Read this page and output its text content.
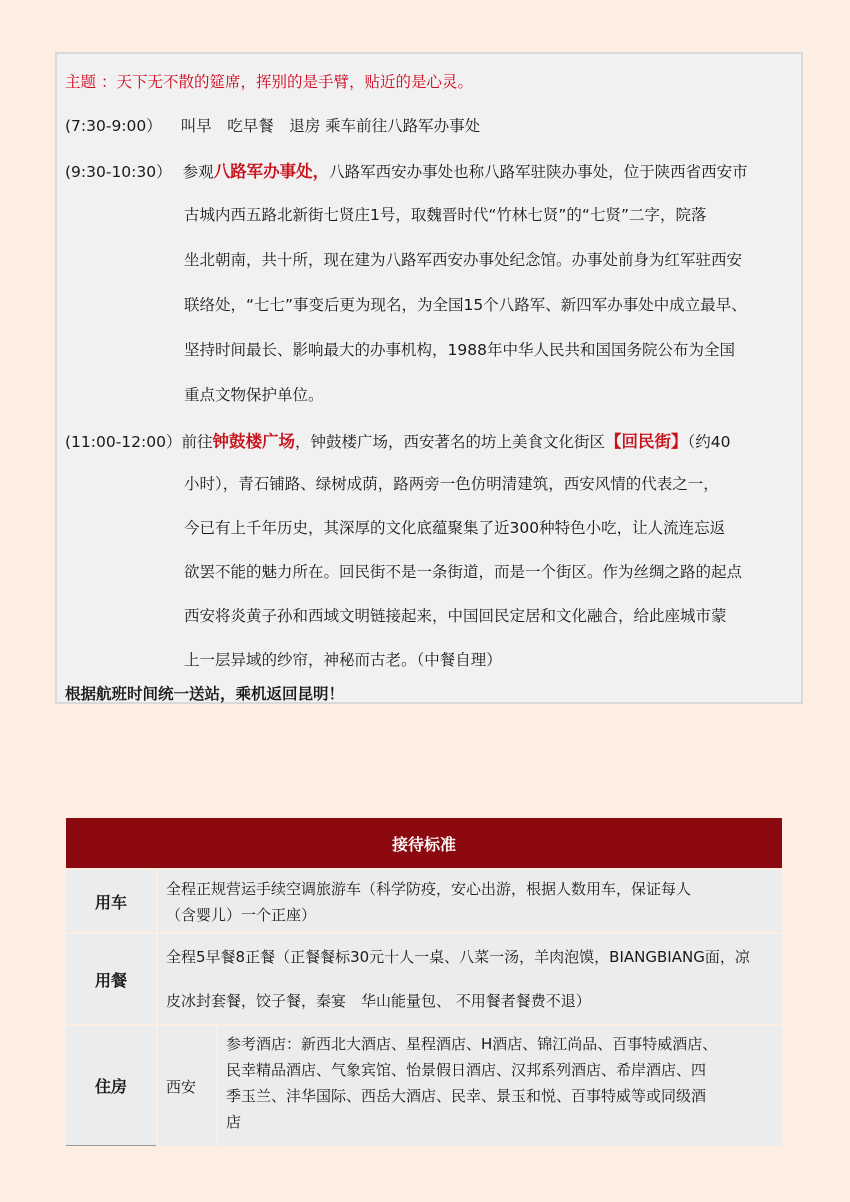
主题 ：天下无不散的筵席，挥别的是手臂，贴近的是心灵。
(7:30-9:00） 叫早　吃早餐　退房 乘车前往八路军办事处
(9:30-10:30） 参观八路军办事处，八路军西安办事处也称八路军驻陕办事处，位于陕西省西安市
古城内西五路北新街七贤庄1号，取魏晋时代“竹林七贤”的“七贤”二字，院落
坐北朝南，共十所，现在建为八路军西安办事处纪念馆。办事处前身为红军驻西安
联络处，“七七”事变后更为现名，为全国15个八路军、新四军办事处中成立最早、
坚持时间最长、影响最大的办事机构，1988年中华人民共和国国务院公布为全国
重点文物保护单位。
(11:00-12:00）前往钟鼓楼广场，钟鼓楼广场，西安著名的坊上美食文化街区【回民街】（约40
小时），青石铺路、绿树成荫，路两旁一色仿明清建筑，西安风情的代表之一，
今已有上千年历史，其深厚的文化底蕴聚集了近300种特色小吃，让人流连忘返
欲罢不能的魅力所在。回民街不是一条街道，而是一个街区。作为丝绸之路的起点
西安将炎黄子孙和西域文明链接起来，中国回民定居和文化融合，给此座城市蒙
上一层异域的纱帘，神秘而古老。（中餐自理）
根据航班时间统一送站，乘机返回昆明！
接待标准
用车
全程正规营运手续空调旅游车（科学防疫，安心出游，根据人数用车，保证每人
（含婴儿）一个正座）
用餐
全程5早餐8正餐（正餐餐标30元十人一桌、八菜一汤，羊肉泡馍，BIANGBIANG面，凉
皮冰封套餐，饺子餐，秦宴　华山能量包、 不用餐者餐费不退）
住房	西安
参考酒店：新西北大酒店、星程酒店、H酒店、锦江尚品、百事特威酒店、
民幸精品酒店、气象宾馆、怡景假日酒店、汉邦系列酒店、希岸酒店、四
季玉兰、沣华国际、西岳大酒店、民幸、景玉和悦、百事特威等或同级酒
店
